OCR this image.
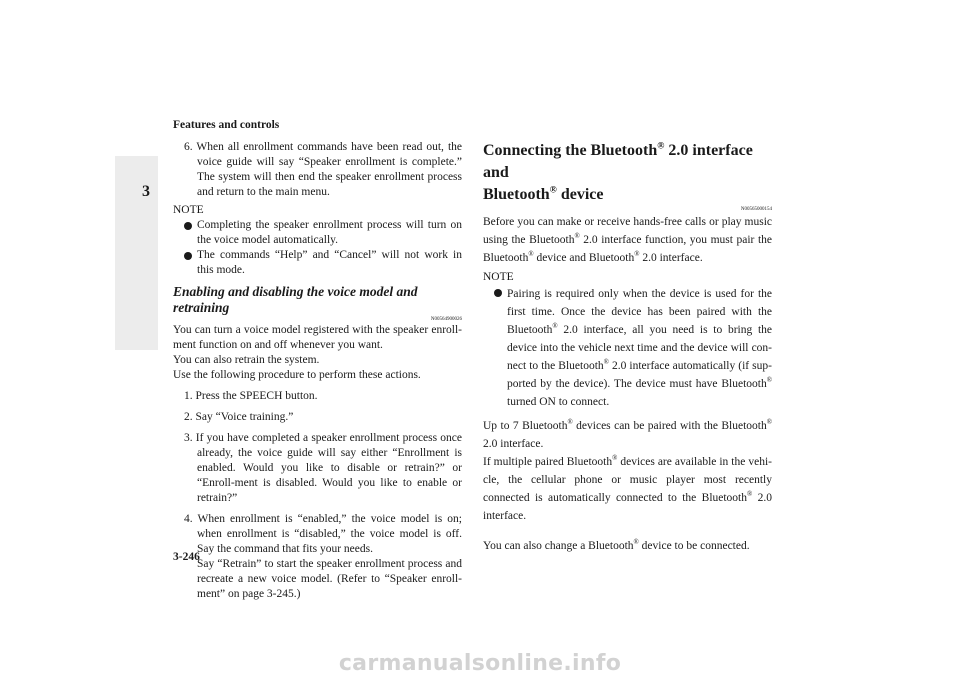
Features and controls
3

6. When all enrollment commands have been read out, the voice guide will say “Speaker enrollment is complete.” The system will then end the speaker enrollment process and return to the main menu.

NOTE

Completing the speaker enrollment process will turn on the voice model automatically.

The commands “Help” and “Cancel” will not work in this mode.

Enabling and disabling the voice model and retraining

N00564900026

You can turn a voice model registered with the speaker enroll-ment function on and off whenever you want.

You can also retrain the system.

Use the following procedure to perform these actions.

1. Press the SPEECH button.

2. Say “Voice training.”

3. If you have completed a speaker enrollment process once already, the voice guide will say either “Enrollment is enabled. Would you like to disable or retrain?” or “Enroll-ment is disabled. Would you like to enable or retrain?”

4. When enrollment is “enabled,” the voice model is on; when enrollment is “disabled,” the voice model is off. Say the command that fits your needs.

Say “Retrain” to start the speaker enrollment process and recreate a new voice model. (Refer to “Speaker enroll-ment” on page 3-245.)

Connecting the Bluetooth® 2.0 interface and
Bluetooth® device

N00565000154

Before you can make or receive hands-free calls or play music using the Bluetooth® 2.0 interface function, you must pair the Bluetooth® device and Bluetooth® 2.0 interface.

NOTE

Pairing is required only when the device is used for the first time. Once the device has been paired with the Bluetooth® 2.0 interface, all you need is to bring the device into the vehicle next time and the device will con-nect to the Bluetooth® 2.0 interface automatically (if sup-ported by the device). The device must have Bluetooth® turned ON to connect.

Up to 7 Bluetooth® devices can be paired with the Bluetooth® 2.0 interface.

If multiple paired Bluetooth® devices are available in the vehi-cle, the cellular phone or music player most recently connected is automatically connected to the Bluetooth® 2.0 interface.

You can also change a Bluetooth® device to be connected.

3-246
carmanualsonline.info
